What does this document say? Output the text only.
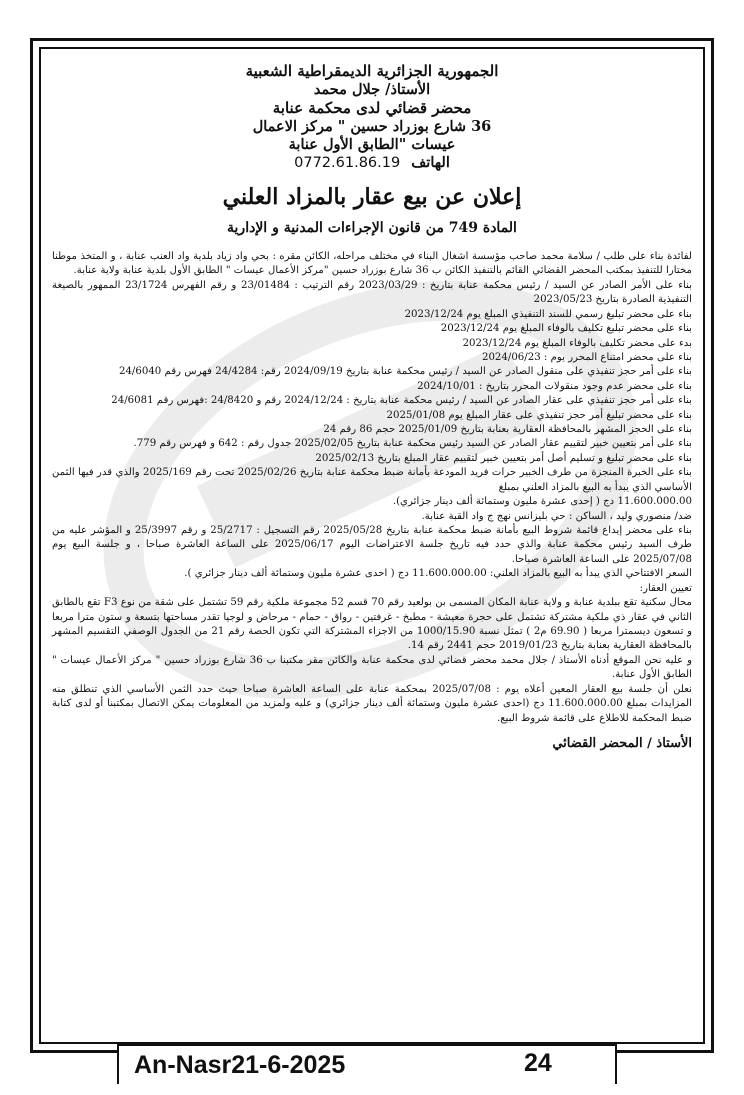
الجمهورية الجزائرية الديمقراطية الشعبية
الأستاذ/ جلال محمد
محضر قضائي لدى محكمة عنابة
36 شارع بوزراد حسين " مركز الاعمال
عيسات "الطابق الأول عنابة
الهاتف 0772.61.86.19
إعلان عن بيع عقار بالمزاد العلني
المادة 749 من قانون الإجراءات المدنية و الإدارية

لفائدة بناء على طلب / سلامة محمد صاحب مؤسسة اشغال البناء في مختلف مراحله، الكائن مقره : بحي واد زياد بلدية واد العنب عنابة ، و المتخذ موطنا مختارا للتنفيذ بمكتب المحضر القضائي القائم بالتنفيذ الكائن ب 36 شارع بوزراد حسين "مركز الأعمال عيسات " الطابق الأول بلدية عنابة ولاية عنابة.

بناء على الأمر الصادر عن السيد / رئيس محكمة عنابة بتاريخ : 2023/03/29 رقم الترتيب : 23/01484 و رقم الفهرس 23/1724 الممهور بالصيغة التنفيذية الصادرة بتاريخ 2023/05/23

بناء على محضر تبليغ رسمي للسند التنفيذي المبلغ يوم 2023/12/24

بناء على محضر تبليغ تكليف بالوفاء المبلغ يوم 2023/12/24

بدء على محضر تكليف بالوفاء المبلغ يوم 2023/12/24

بناء على محضر امتناع المحرر يوم : 2024/06/23

بناء على أمر حجز تنفيذي على منقول الصادر عن السيد / رئيس محكمة عنابة بتاريخ 2024/09/19 رقم: 24/4284 فهرس رقم 24/6040

بناء على محضر عدم وجود منقولات المحرر بتاريخ : 2024/10/01

بناء على أمر حجز تنفيذي على عقار الصادر عن السيد / رئيس محكمة عنابة بتاريخ : 2024/12/24 رقم و 24/8420 :فهرس رقم 24/6081

بناء على محضر تبليغ أمر حجز تنفيذي على عقار المبلغ يوم 2025/01/08

بناء على الحجز المشهر بالمحافظة العقارية بعنابة بتاريخ 2025/01/09 حجم 86 رقم 24

بناء على أمر بتعيين خبير لتقييم عقار الصادر عن السيد رئيس محكمة عنابة بتاريخ 2025/02/05 جدول رقم : 642 و فهرس رقم 779.

بناء على محضر تبليغ و تسليم أصل أمر بتعيين خبير لتقييم عقار المبلغ بتاريخ 2025/02/13

بناء على الخبرة المنجزة من طرف الخبير حرات فريد المودعة بأمانة ضبط محكمة عنابة بتاريخ 2025/02/26 تحت رقم 2025/169 والذي قدر فيها الثمن الأساسي الذي يبدأ به البيع بالمزاد العلني بمبلغ

11.600.000.00 دج ( إحدى عشرة مليون وستمائة ألف دينار جزائري).

ضد/ منصوري وليد ، الساكن : حي بليزانس نهج ج واد القبة عنابة.

بناء على محضر إيداع قائمة شروط البيع بأمانة ضبط محكمة عنابة بتاريخ 2025/05/28 رقم التسجيل : 25/2717 و رقم 25/3997 و المؤشر عليه من طرف السيد رئيس محكمة عنابة والذي حدد فيه تاريخ جلسة الاعتراضات اليوم 2025/06/17 على الساعة العاشرة صباحا ، و جلسة البيع يوم 2025/07/08 على الساعة العاشرة صباحا.

السعر الافتتاحي الذي يبدأ به البيع بالمزاد العلني: 11.600.000.00 دج ( احدى عشرة مليون وستمائة ألف دينار جزائري ).

تعيين العقار:

محال سكنية تقع ببلدية عنابة و ولاية عنابة المكان المسمى بن بولعيد رقم 70 قسم 52 مجموعة ملكية رقم 59 تشتمل على شقة من نوع F3 تقع بالطابق الثاني في عقار ذي ملكية مشتركة تشتمل على حجرة معيشة - مطبخ - غرفتين - رواق - حمام - مرحاض و لوجيا تقدر مساحتها بتسعة و ستون مترا مربعا و تسعون ديسمترا مربعا ( 69.90 م2 ) تمثل نسبة 1000/15.90 من الاجزاء المشتركة التي تكون الحصة رقم 21 من الجدول الوصفي التقسيم المشهر بالمحافظة العقارية بعنابة بتاريخ 2019/01/23 حجم 2441 رقم 14.

و عليه نحن الموقع أدناه الأستاذ / جلال محمد محضر قضائي لدى محكمة عنابة والكائن مقر مكتبنا ب 36 شارع بوزراد حسين " مركز الأعمال عيسات " الطابق الأول عنابة.

نعلن أن جلسة بيع العقار المعين أعلاه يوم : 2025/07/08 بمحكمة عنابة على الساعة العاشرة صباحا حيث حدد الثمن الأساسي الذي تنطلق منه المزايدات بمبلغ 11.600.000.00 دج (احدى عشرة مليون وستمائة ألف دينار جزائري) و عليه ولمزيد من المعلومات يمكن الاتصال بمكتبنا أو لدى كتابة ضبط المحكمة للاطلاع على قائمة شروط البيع.

الأستاذ / المحضر القضائي
An-Nasr21-6-2025	24
